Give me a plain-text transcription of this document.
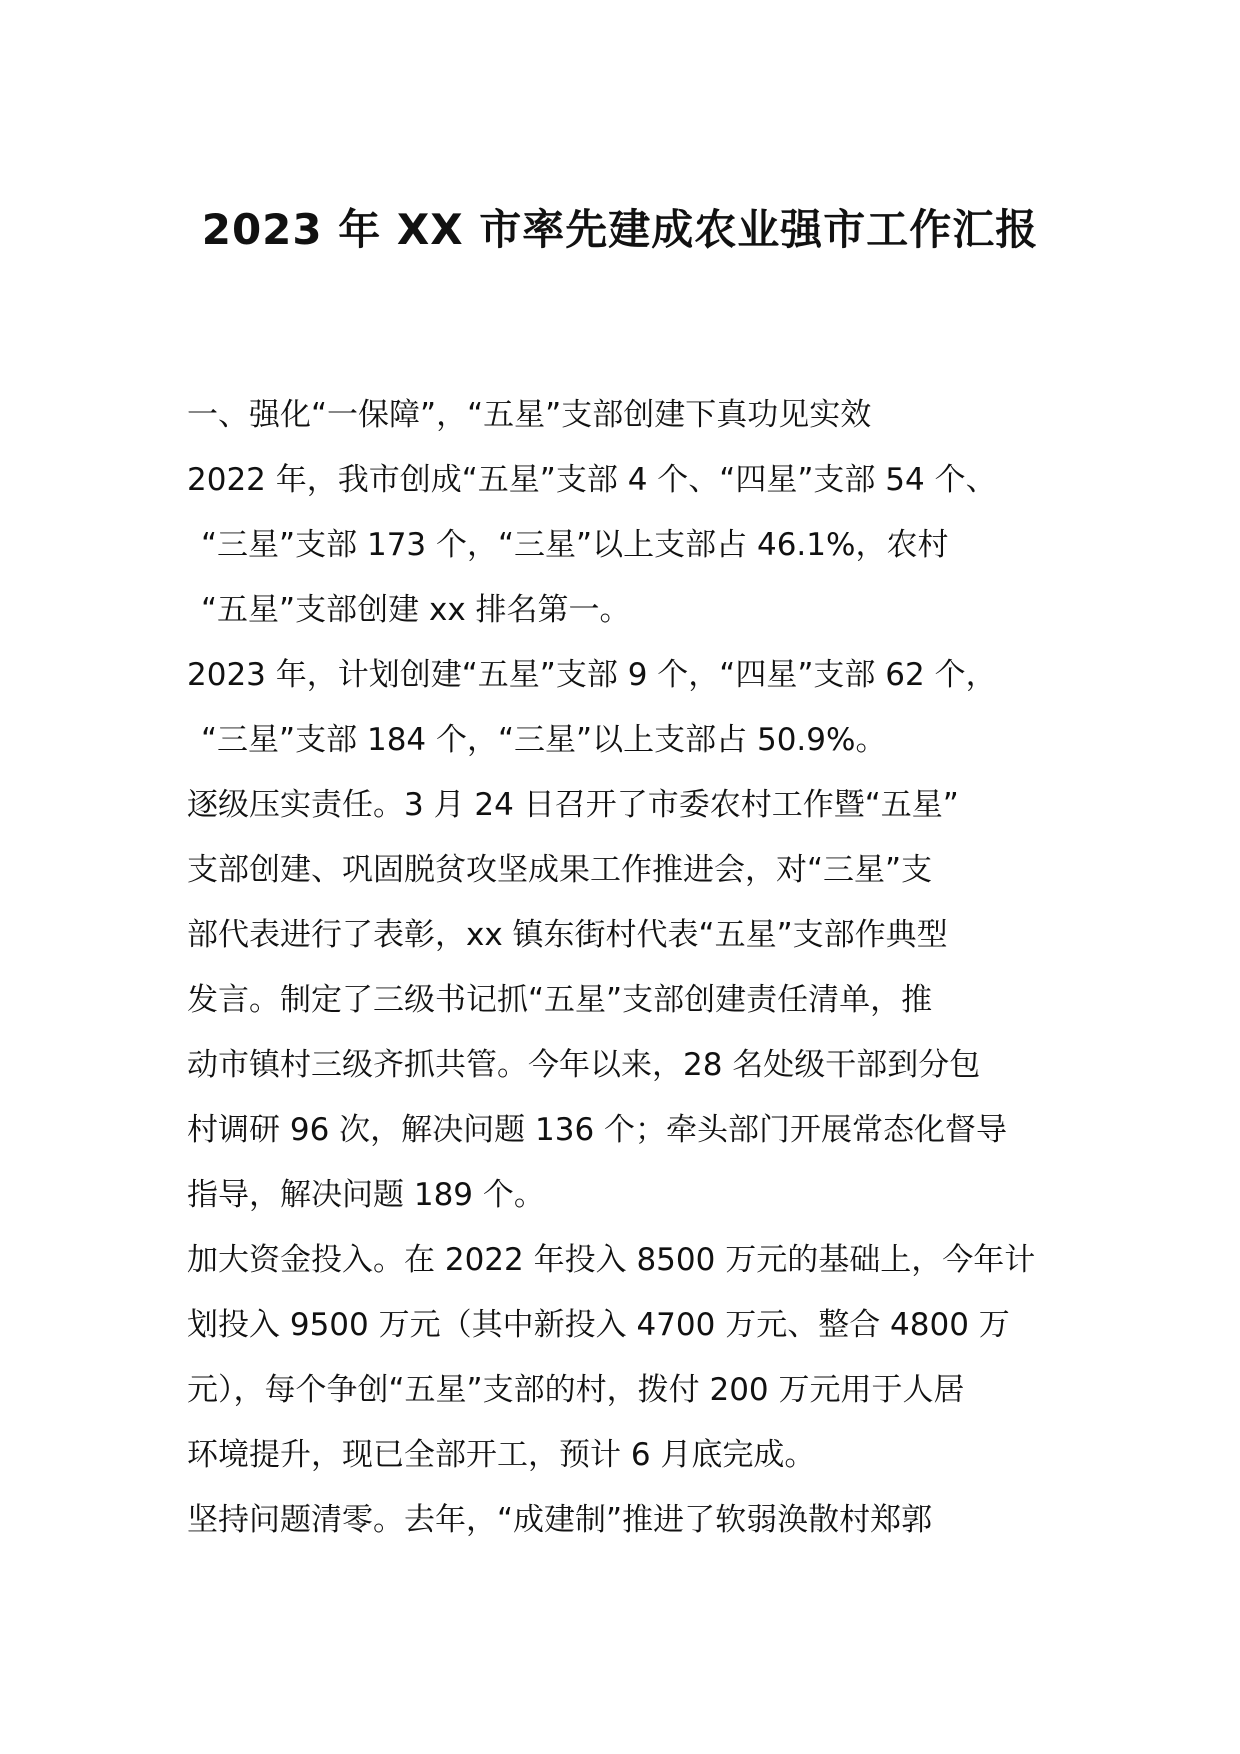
2023 年 XX 市率先建成农业强市工作汇报
一、强化“一保障”，“五星”支部创建下真功见实效
2022 年，我市创成“五星”支部 4 个、“四星”支部 54 个、
“三星”支部 173 个，“三星”以上支部占 46.1%，农村
“五星”支部创建 xx 排名第一。
2023 年，计划创建“五星”支部 9 个，“四星”支部 62 个，
“三星”支部 184 个，“三星”以上支部占 50.9%。
逐级压实责任。3 月 24 日召开了市委农村工作暨“五星”
支部创建、巩固脱贫攻坚成果工作推进会，对“三星”支
部代表进行了表彰，xx 镇东街村代表“五星”支部作典型
发言。制定了三级书记抓“五星”支部创建责任清单，推
动市镇村三级齐抓共管。今年以来，28 名处级干部到分包
村调研 96 次，解决问题 136 个；牵头部门开展常态化督导
指导，解决问题 189 个。
加大资金投入。在 2022 年投入 8500 万元的基础上，今年计
划投入 9500 万元（其中新投入 4700 万元、整合 4800 万
元），每个争创“五星”支部的村，拨付 200 万元用于人居
环境提升，现已全部开工，预计 6 月底完成。
坚持问题清零。去年，“成建制”推进了软弱涣散村郑郭
